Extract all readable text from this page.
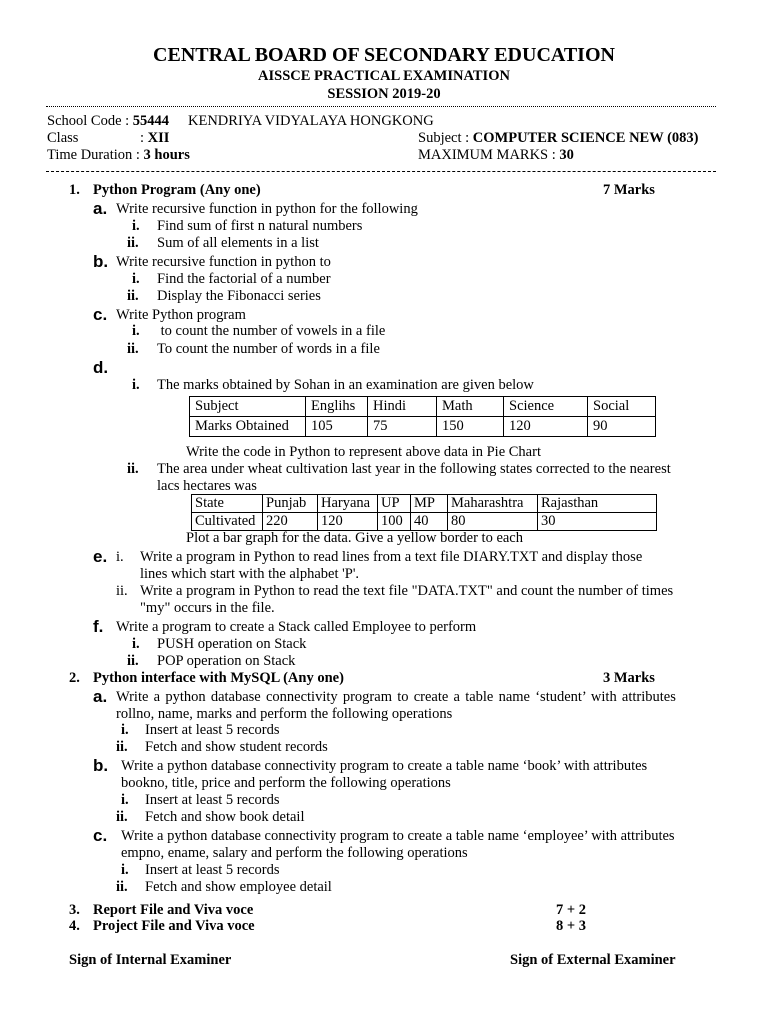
CENTRAL BOARD OF SECONDARY EDUCATION
AISSCE PRACTICAL EXAMINATION
SESSION 2019-20
School Code : 55444 KENDRIYA VIDYALAYA HONGKONG
Class	: XII	Subject : COMPUTER SCIENCE NEW (083)
Time Duration : 3 hours	MAXIMUM MARKS : 30
1. Python Program (Any one)	7 Marks
a. Write recursive function in python for the following
i. Find sum of first n natural numbers
ii. Sum of all elements in a list
b. Write recursive function in python to
i. Find the factorial of a number
ii. Display the Fibonacci series
c. Write Python program
i. to count the number of vowels in a file
ii. To count the number of words in a file
d.
i. The marks obtained by Sohan in an examination are given below
Subject	Englihs	Hindi	Math	Science	Social
Marks Obtained	105	75	150	120	90
Write the code in Python to represent above data in Pie Chart
ii. The area under wheat cultivation last year in the following states corrected to the nearest
lacs hectares was
State	Punjab	Haryana	UP	MP	Maharashtra	Rajasthan
Cultivated	220	120	100	40	80	30
Plot a bar graph for the data. Give a yellow border to each
e. i. Write a program in Python to read lines from a text file DIARY.TXT and display those
lines which start with the alphabet 'P'.
ii. Write a program in Python to read the text file "DATA.TXT" and count the number of times
"my" occurs in the file.
f. Write a program to create a Stack called Employee to perform
i. PUSH operation on Stack
ii. POP operation on Stack
2. Python interface with MySQL (Any one)	3 Marks
a. Write a python database connectivity program to create a table name ‘student’ with attributes
rollno, name, marks and perform the following operations
i. Insert at least 5 records
ii. Fetch and show student records
b. Write a python database connectivity program to create a table name ‘book’ with attributes
bookno, title, price and perform the following operations
i. Insert at least 5 records
ii. Fetch and show book detail
c. Write a python database connectivity program to create a table name ‘employee’ with attributes
empno, ename, salary and perform the following operations
i. Insert at least 5 records
ii. Fetch and show employee detail
3. Report File and Viva voce	7 + 2
4. Project File and Viva voce	8 + 3
Sign of Internal Examiner	Sign of External Examiner
